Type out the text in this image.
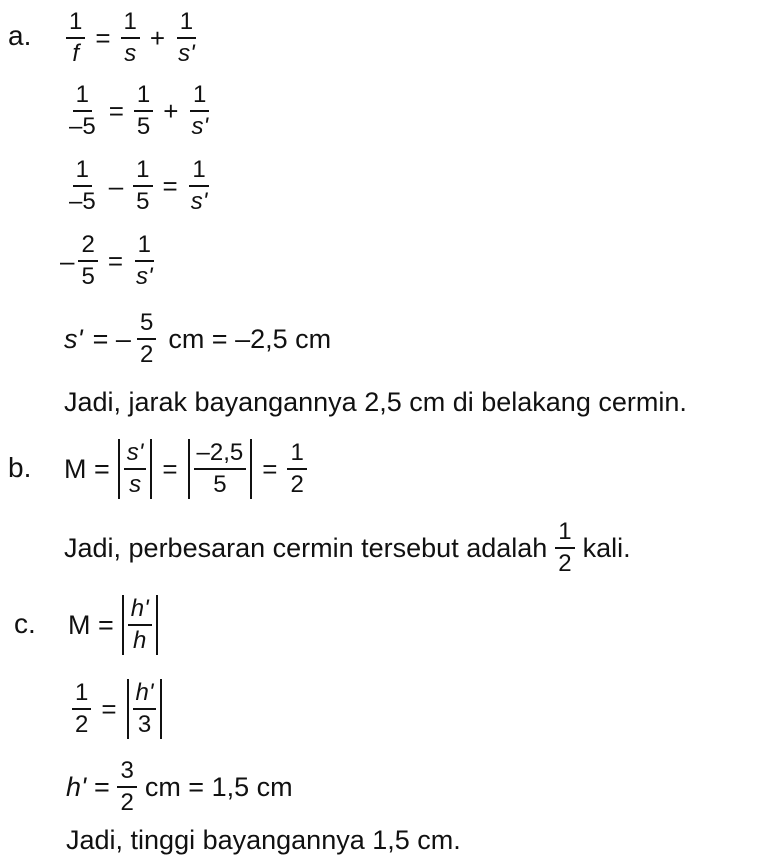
a. $\frac{1}{f} = \frac{1}{s} + \frac{1}{s'}$
$\frac{1}{-5} = \frac{1}{5} + \frac{1}{s'}$
$\frac{1}{-5} - \frac{1}{5} = \frac{1}{s'}$
– $\frac{2}{5} = \frac{1}{s'}$
s' = – $\frac{5}{2}$ cm = –2,5 cm
Jadi, jarak bayangannya 2,5 cm di belakang cermin.
b. $M = \frac{s'}{s} = \frac{-2,5}{5} = \frac{1}{2}$
Jadi, perbesaran cermin tersebut adalah $\frac{1}{2}$ kali.
c. $M = \frac{h'}{h}$
$\frac{1}{2} = \frac{h'}{3}$
$h' = \frac{3}{2}$ cm = 1,5 cm
Jadi, tinggi bayangannya 1,5 cm.
